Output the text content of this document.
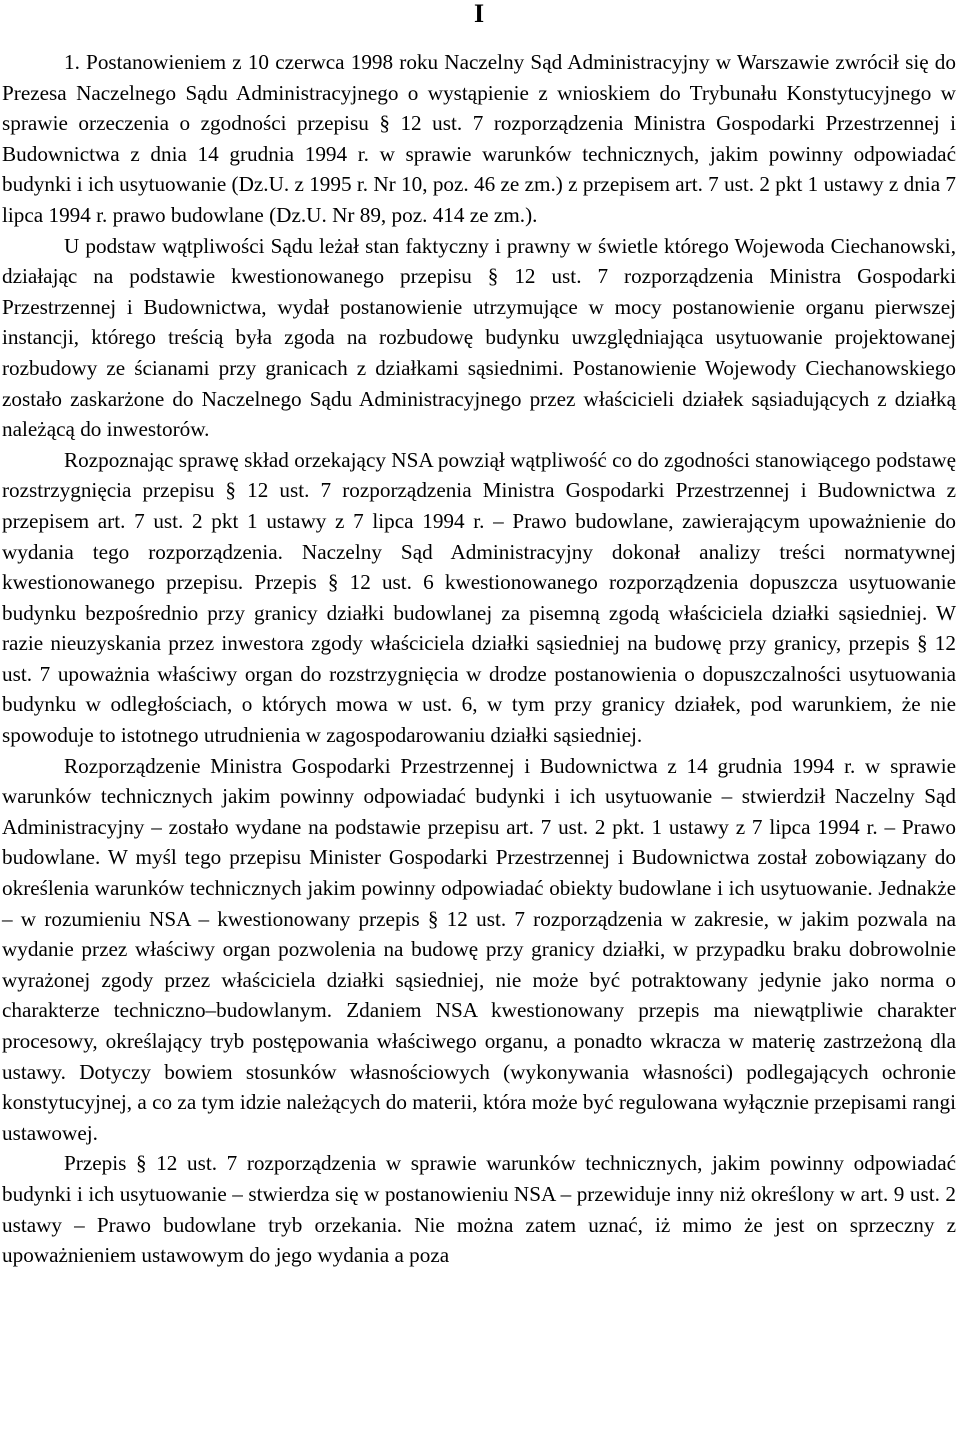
I

1. Postanowieniem z 10 czerwca 1998 roku Naczelny Sąd Administracyjny w Warszawie zwrócił się do Prezesa Naczelnego Sądu Administracyjnego o wystąpienie z wnioskiem do Trybunału Konstytucyjnego w sprawie orzeczenia o zgodności przepisu § 12 ust. 7 rozporządzenia Ministra Gospodarki Przestrzennej i Budownictwa z dnia 14 grudnia 1994 r. w sprawie warunków technicznych, jakim powinny odpowiadać budynki i ich usytuowanie (Dz.U. z 1995 r. Nr 10, poz. 46 ze zm.) z przepisem art. 7 ust. 2 pkt 1 ustawy z dnia 7 lipca 1994 r. prawo budowlane (Dz.U. Nr 89, poz. 414 ze zm.).

U podstaw wątpliwości Sądu leżał stan faktyczny i prawny w świetle którego Wojewoda Ciechanowski, działając na podstawie kwestionowanego przepisu § 12 ust. 7 rozporządzenia Ministra Gospodarki Przestrzennej i Budownictwa, wydał postanowienie utrzymujące w mocy postanowienie organu pierwszej instancji, którego treścią była zgoda na rozbudowę budynku uwzględniająca usytuowanie projektowanej rozbudowy ze ścianami przy granicach z działkami sąsiednimi. Postanowienie Wojewody Ciechanowskiego zostało zaskarżone do Naczelnego Sądu Administracyjnego przez właścicieli działek sąsiadujących z działką należącą do inwestorów.

Rozpoznając sprawę skład orzekający NSA powziął wątpliwość co do zgodności stanowiącego podstawę rozstrzygnięcia przepisu § 12 ust. 7 rozporządzenia Ministra Gospodarki Przestrzennej i Budownictwa z przepisem art. 7 ust. 2 pkt 1 ustawy z 7 lipca 1994 r. – Prawo budowlane, zawierającym upoważnienie do wydania tego rozporządzenia. Naczelny Sąd Administracyjny dokonał analizy treści normatywnej kwestionowanego przepisu. Przepis § 12 ust. 6 kwestionowanego rozporządzenia dopuszcza usytuowanie budynku bezpośrednio przy granicy działki budowlanej za pisemną zgodą właściciela działki sąsiedniej. W razie nieuzyskania przez inwestora zgody właściciela działki sąsiedniej na budowę przy granicy, przepis § 12 ust. 7 upoważnia właściwy organ do rozstrzygnięcia w drodze postanowienia o dopuszczalności usytuowania budynku w odległościach, o których mowa w ust. 6, w tym przy granicy działek, pod warunkiem, że nie spowoduje to istotnego utrudnienia w zagospodarowaniu działki sąsiedniej.

Rozporządzenie Ministra Gospodarki Przestrzennej i Budownictwa z 14 grudnia 1994 r. w sprawie warunków technicznych jakim powinny odpowiadać budynki i ich usytuowanie – stwierdził Naczelny Sąd Administracyjny – zostało wydane na podstawie przepisu art. 7 ust. 2 pkt. 1 ustawy z 7 lipca 1994 r. – Prawo budowlane. W myśl tego przepisu Minister Gospodarki Przestrzennej i Budownictwa został zobowiązany do określenia warunków technicznych jakim powinny odpowiadać obiekty budowlane i ich usytuowanie. Jednakże – w rozumieniu NSA – kwestionowany przepis § 12 ust. 7 rozporządzenia w zakresie, w jakim pozwala na wydanie przez właściwy organ pozwolenia na budowę przy granicy działki, w przypadku braku dobrowolnie wyrażonej zgody przez właściciela działki sąsiedniej, nie może być potraktowany jedynie jako norma o charakterze techniczno–budowlanym. Zdaniem NSA kwestionowany przepis ma niewątpliwie charakter procesowy, określający tryb postępowania właściwego organu, a ponadto wkracza w materię zastrzeżoną dla ustawy. Dotyczy bowiem stosunków własnościowych (wykonywania własności) podlegających ochronie konstytucyjnej, a co za tym idzie należących do materii, która może być regulowana wyłącznie przepisami rangi ustawowej.

Przepis § 12 ust. 7 rozporządzenia w sprawie warunków technicznych, jakim powinny odpowiadać budynki i ich usytuowanie – stwierdza się w postanowieniu NSA – przewiduje inny niż określony w art. 9 ust. 2 ustawy – Prawo budowlane tryb orzekania. Nie można zatem uznać, iż mimo że jest on sprzeczny z upoważnieniem ustawowym do jego wydania a poza
